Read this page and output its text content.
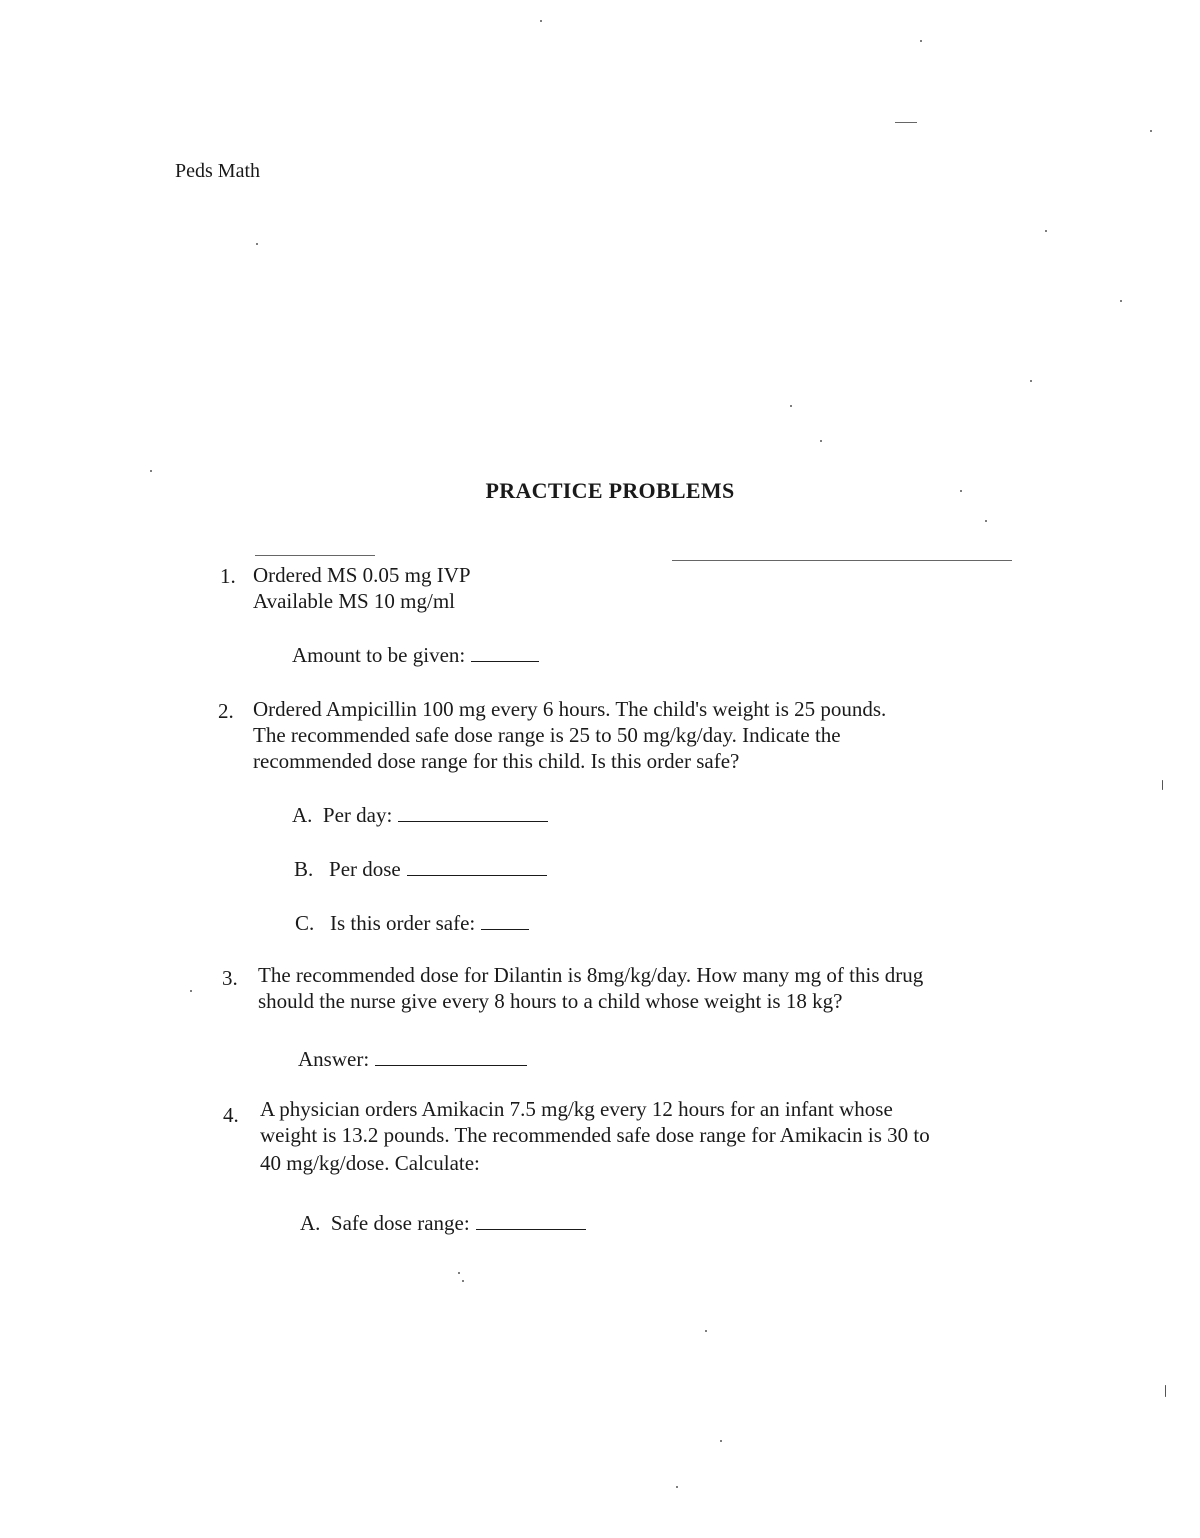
Peds Math
PRACTICE PROBLEMS
1. Ordered MS 0.05 mg IVP
Available MS 10 mg/ml
Amount to be given:
2. Ordered Ampicillin 100 mg every 6 hours. The child's weight is 25 pounds.
The recommended safe dose range is 25 to 50 mg/kg/day. Indicate the
recommended dose range for this child. Is this order safe?
A. Per day:
B. Per dose
C. Is this order safe:
3. The recommended dose for Dilantin is 8mg/kg/day. How many mg of this drug
should the nurse give every 8 hours to a child whose weight is 18 kg?
Answer:
4. A physician orders Amikacin 7.5 mg/kg every 12 hours for an infant whose
weight is 13.2 pounds. The recommended safe dose range for Amikacin is 30 to
40 mg/kg/dose. Calculate:
A. Safe dose range:
